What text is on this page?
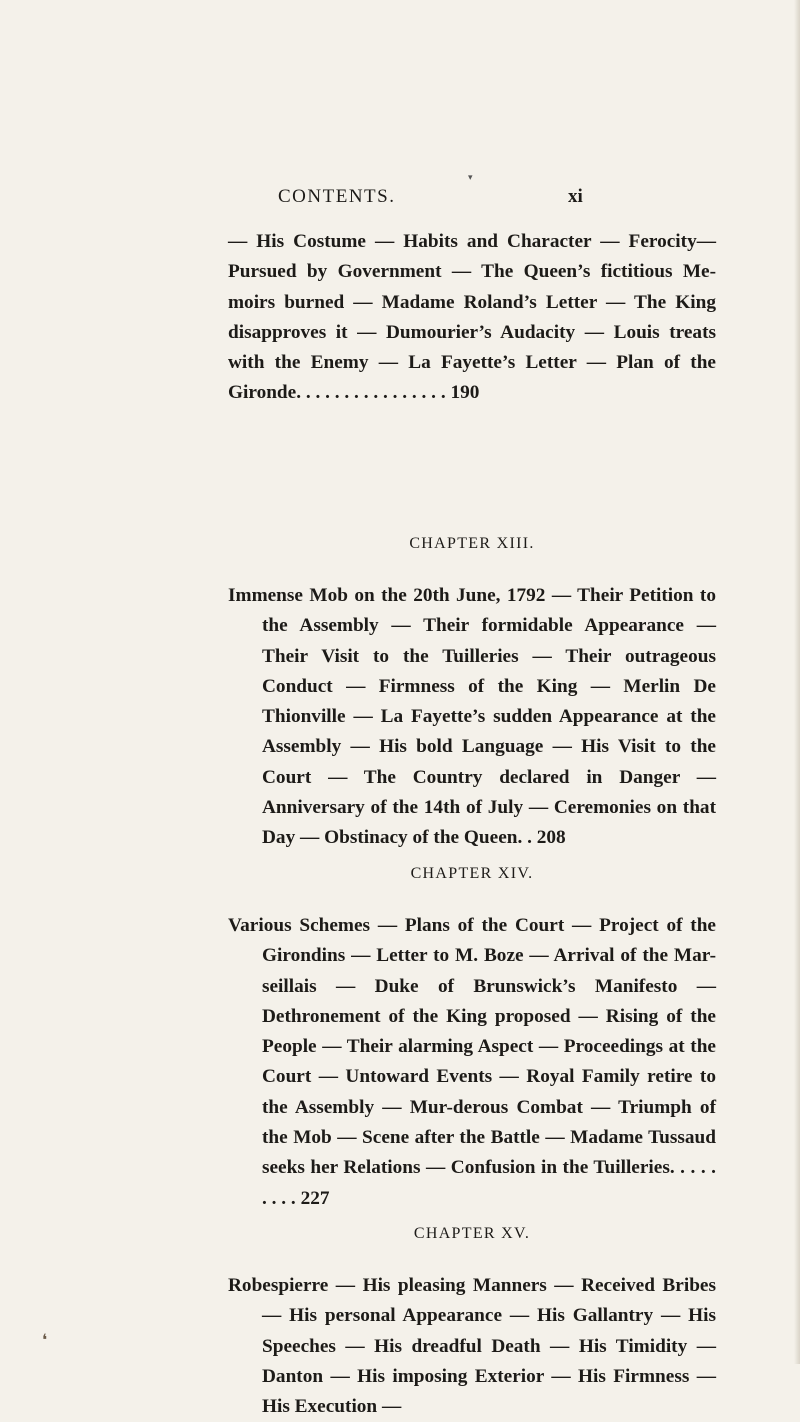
CONTENTS.	xi

— His Costume — Habits and Character — Ferocity— Pursued by Government — The Queen’s fictitious Me-moirs burned — Madame Roland’s Letter — The King disapproves it — Dumourier’s Audacity — Louis treats with the Enemy — La Fayette’s Letter — Plan of the Gironde. . . . . . . . . . . . . . . . 190

CHAPTER XIII.

Immense Mob on the 20th June, 1792 — Their Petition to the Assembly — Their formidable Appearance — Their Visit to the Tuilleries — Their outrageous Conduct — Firmness of the King — Merlin De Thionville — La Fayette’s sudden Appearance at the Assembly — His bold Language — His Visit to the Court — The Country declared in Danger — Anniversary of the 14th of July — Ceremonies on that Day — Obstinacy of the Queen. . 208

CHAPTER XIV.

Various Schemes — Plans of the Court — Project of the Girondins — Letter to M. Boze — Arrival of the Mar-seillais — Duke of Brunswick’s Manifesto — Dethronement of the King proposed — Rising of the People — Their alarming Aspect — Proceedings at the Court — Untoward Events — Royal Family retire to the Assembly — Mur-derous Combat — Triumph of the Mob — Scene after the Battle — Madame Tussaud seeks her Relations — Confusion in the Tuilleries. . . . . . . . . 227

CHAPTER XV.

Robespierre — His pleasing Manners — Received Bribes — His personal Appearance — His Gallantry — His Speeches — His dreadful Death — His Timidity — Danton — His imposing Exterior — His Firmness — His Execution —

▾
❛
